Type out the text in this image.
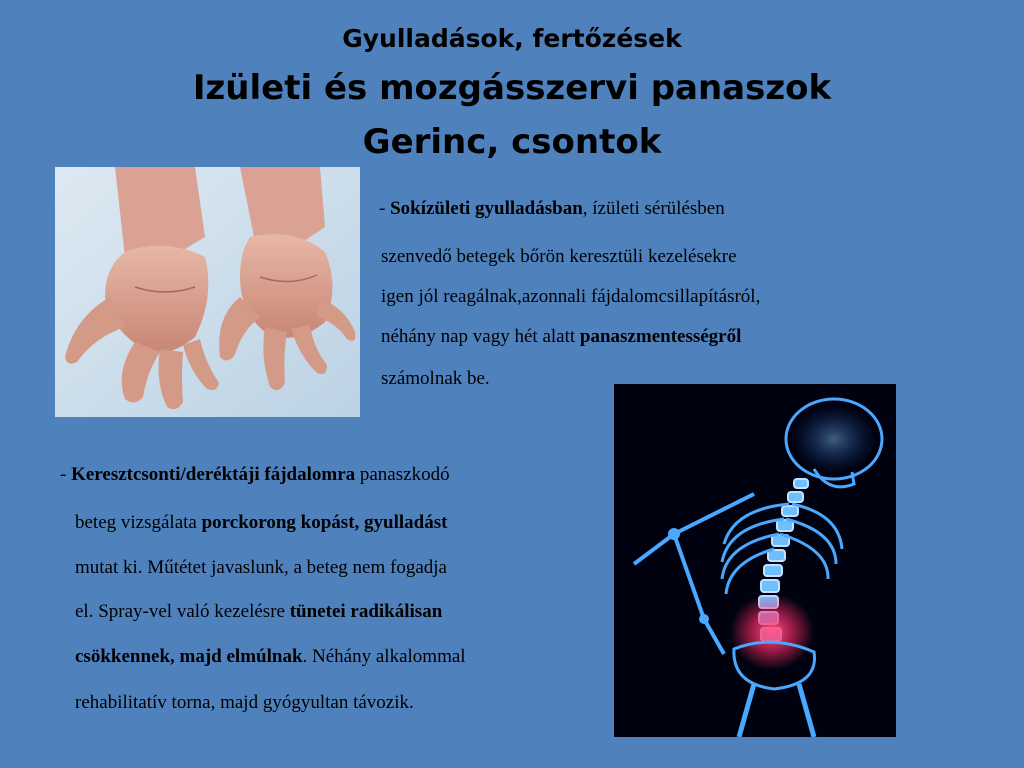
Gyulladások, fertőzések
Izületi és mozgásszervi panaszok
Gerinc, csontok
- Sokízületi gyulladásban, ízületi sérülésben
szenvedő betegek bőrön keresztüli kezelésekre
igen jól reagálnak,azonnali fájdalomcsillapításról,
néhány nap vagy hét alatt panaszmentességről
számolnak be.
- Keresztcsonti/deréktáji fájdalomra panaszkodó
beteg vizsgálata porckorong kopást, gyulladást
mutat ki. Műtétet javaslunk, a beteg nem fogadja
el. Spray-vel való kezelésre tünetei radikálisan
csökkennek, majd elmúlnak. Néhány alkalommal
rehabilitatív torna, majd gyógyultan távozik.
